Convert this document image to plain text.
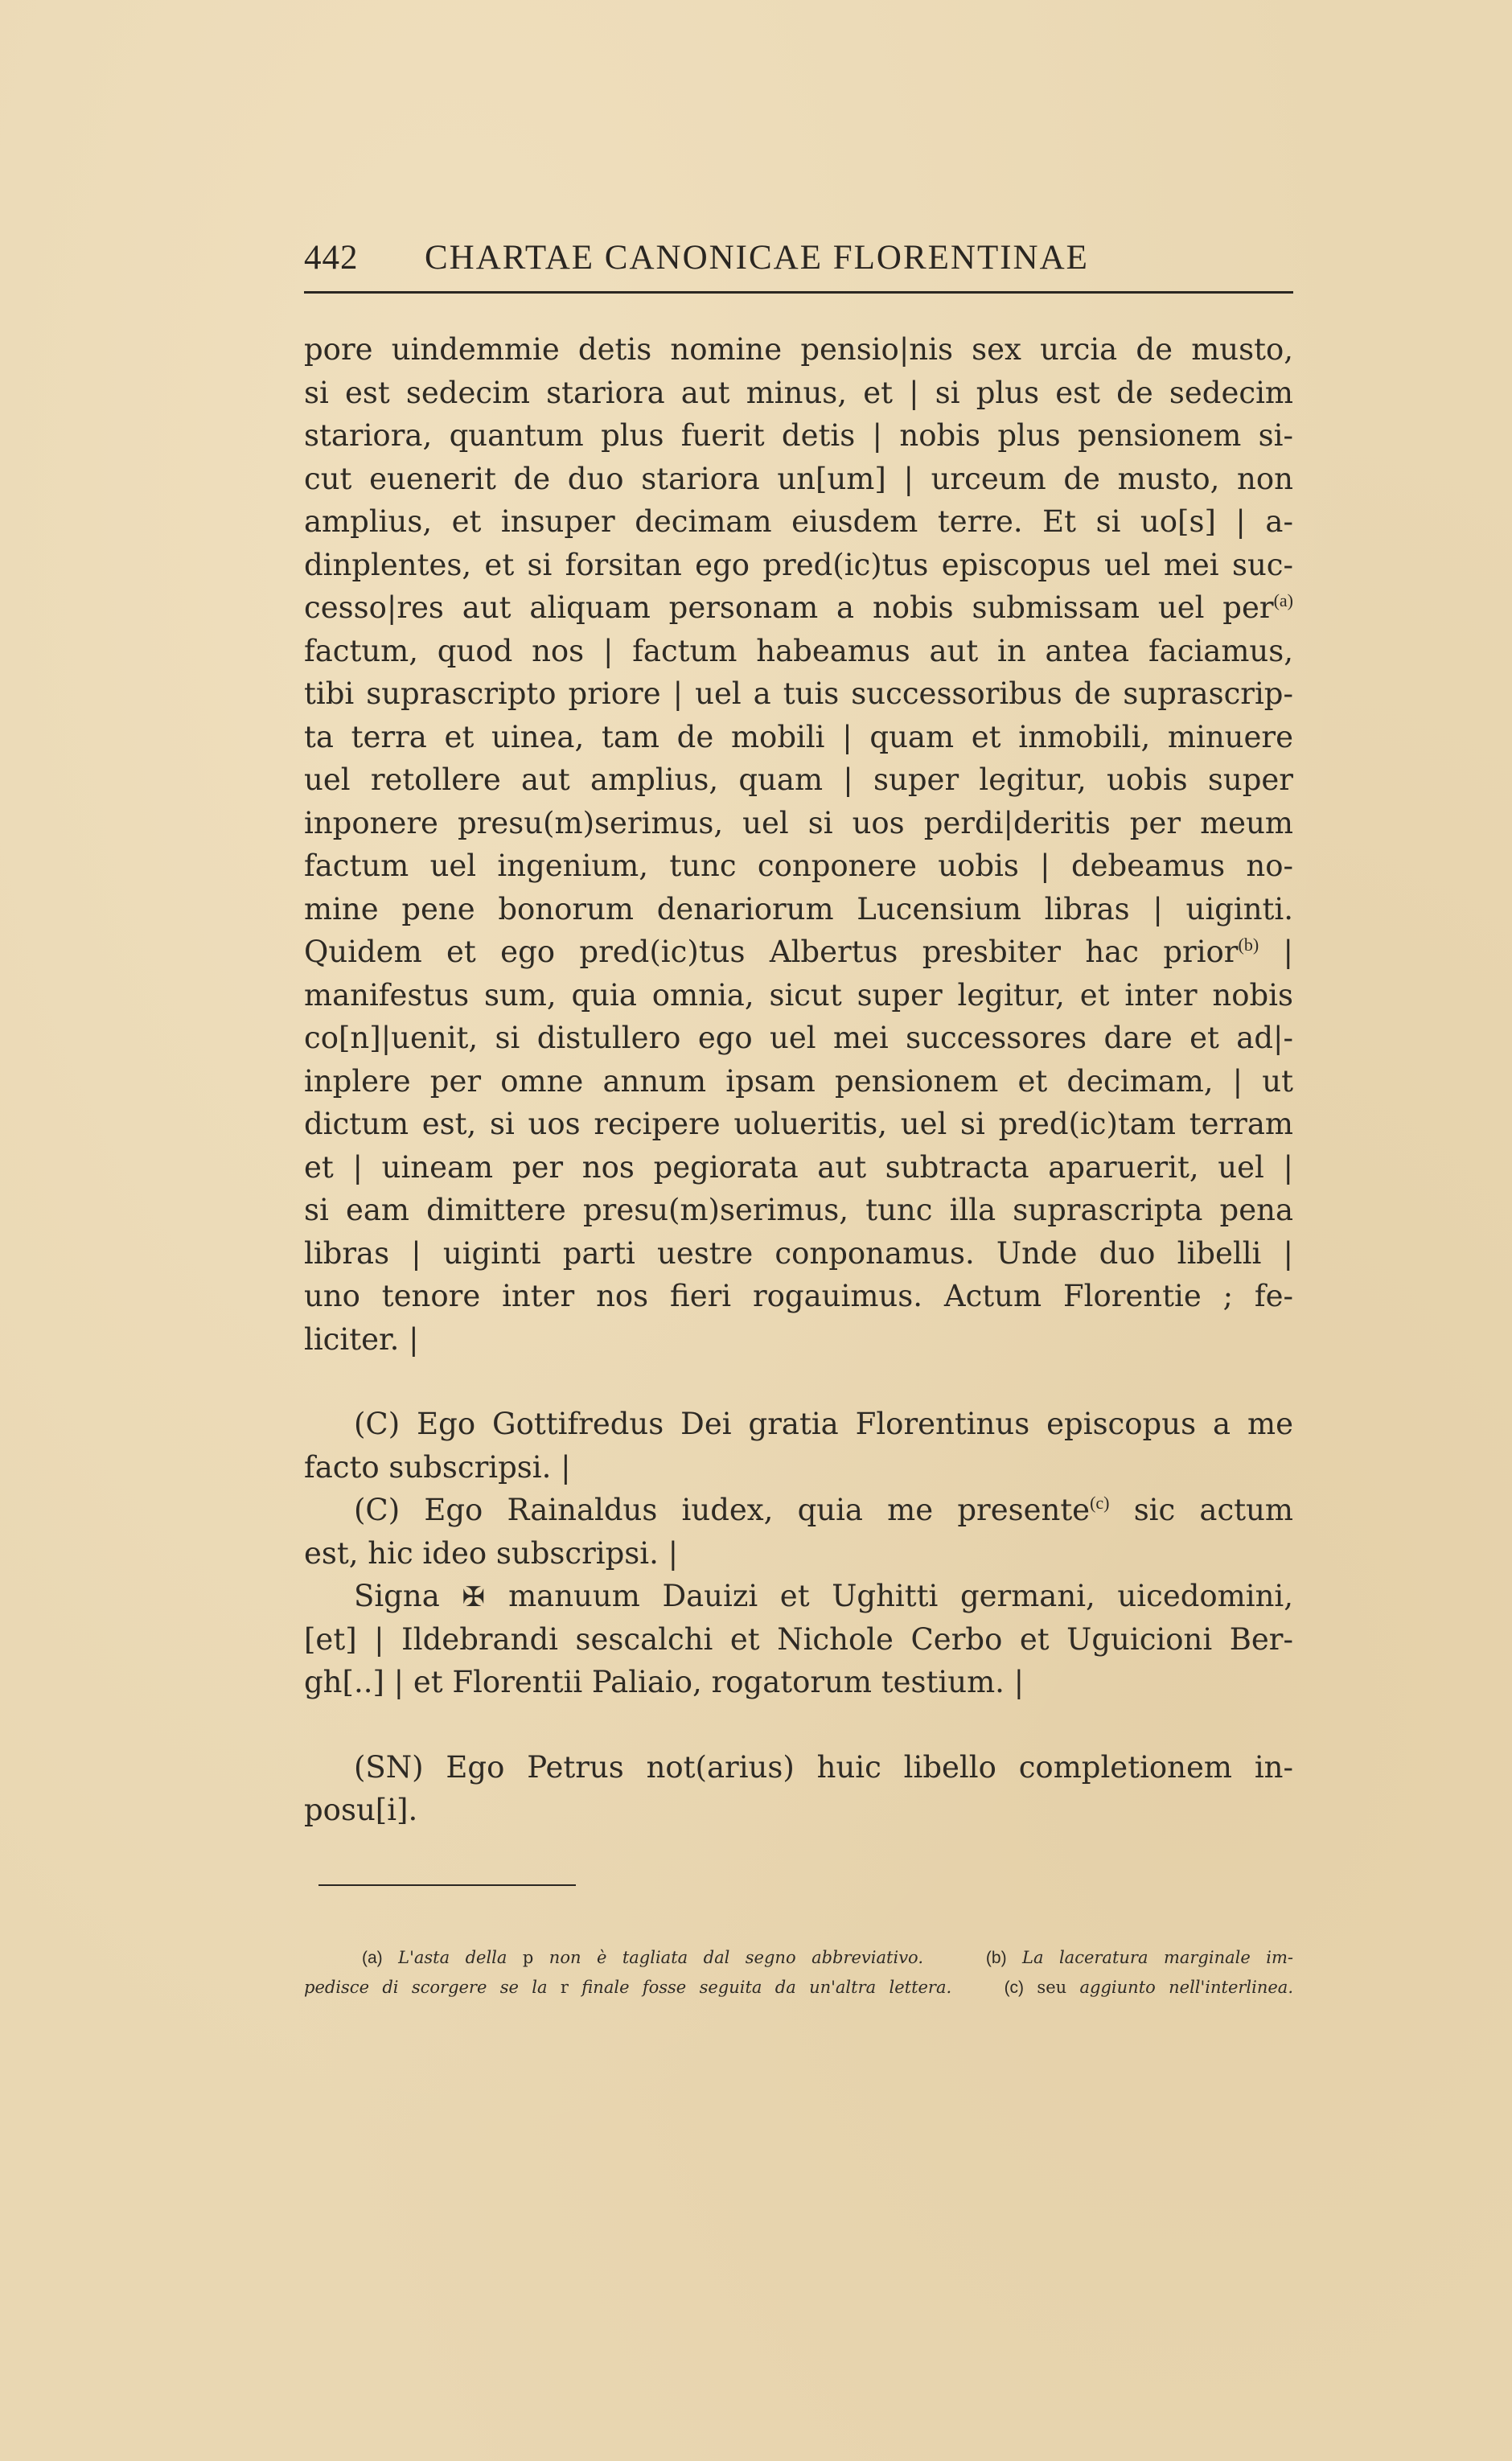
442	CHARTAE CANONICAE FLORENTINAE
pore uindemmie detis nomine pensio|nis sex urcia de musto,
si est sedecim stariora aut minus, et | si plus est de sedecim
stariora, quantum plus fuerit detis | nobis plus pensionem si-
cut euenerit de duo stariora un[um] | urceum de musto, non
amplius, et insuper decimam eiusdem terre. Et si uo[s] | a-
dinplentes, et si forsitan ego pred(ic)tus episcopus uel mei suc-
cesso|res aut aliquam personam a nobis submissam uel per$^{(a)}$
factum, quod nos | factum habeamus aut in antea faciamus,
tibi suprascripto priore | uel a tuis successoribus de suprascrip-
ta terra et uinea, tam de mobili | quam et inmobili, minuere
uel retollere aut amplius, quam | super legitur, uobis super
inponere presu(m)serimus, uel si uos perdi|deritis per meum
factum uel ingenium, tunc conponere uobis | debeamus no-
mine pene bonorum denariorum Lucensium libras | uiginti.
Quidem et ego pred(ic)tus Albertus presbiter hac prior$^{(b)}$ |
manifestus sum, quia omnia, sicut super legitur, et inter nobis
co[n]|uenit, si distullero ego uel mei successores dare et ad|-
inplere per omne annum ipsam pensionem et decimam, | ut
dictum est, si uos recipere uolueritis, uel si pred(ic)tam terram
et | uineam per nos pegiorata aut subtracta aparuerit, uel |
si eam dimittere presu(m)serimus, tunc illa suprascripta pena
libras | uiginti parti uestre conponamus. Unde duo libelli |
uno tenore inter nos fieri rogauimus. Actum Florentie ; fe-
liciter. |
(C) Ego Gottifredus Dei gratia Florentinus episcopus a me
facto subscripsi. |
(C) Ego Rainaldus iudex, quia me presente$^{(c)}$ sic actum
est, hic ideo subscripsi. |
Signa ✠ manuum Dauizi et Ughitti germani, uicedomini,
[et] | Ildebrandi sescalchi et Nichole Cerbo et Uguicioni Ber-
gh[..] | et Florentii Paliaio, rogatorum testium. |
(SN) Ego Petrus not(arius) huic libello completionem in-
posu[i].
(a) L'asta della p non è tagliata dal segno abbreviativo.	(b) La laceratura marginale im-
pedisce di scorgere se la r finale fosse seguita da un'altra lettera.	(c) seu aggiunto nell'interlinea.
